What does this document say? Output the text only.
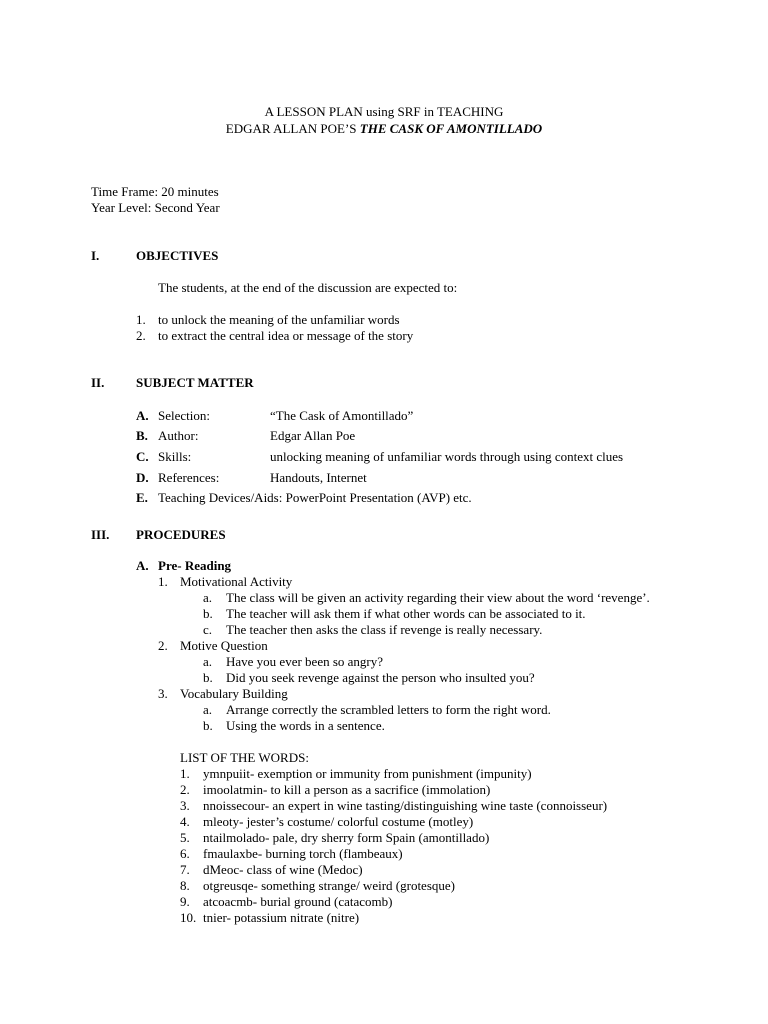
A LESSON PLAN using SRF in TEACHING
EDGAR ALLAN POE’S THE CASK OF AMONTILLADO
Time Frame: 20 minutes
Year Level: Second Year
I.	OBJECTIVES
The students, at the end of the discussion are expected to:
1. to unlock the meaning of the unfamiliar words
2. to extract the central idea or message of the story
II. SUBJECT MATTER
A. Selection:	“The Cask of Amontillado”
B. Author:	Edgar Allan Poe
C. Skills:	unlocking meaning of unfamiliar words through using context clues
D. References:	Handouts, Internet
E. Teaching Devices/Aids: PowerPoint Presentation (AVP) etc.
III. PROCEDURES
A. Pre- Reading
1. Motivational Activity
a. The class will be given an activity regarding their view about the word ‘revenge’.
b. The teacher will ask them if what other words can be associated to it.
c. The teacher then asks the class if revenge is really necessary.
2. Motive Question
a. Have you ever been so angry?
b. Did you seek revenge against the person who insulted you?
3. Vocabulary Building
a. Arrange correctly the scrambled letters to form the right word.
b. Using the words in a sentence.
LIST OF THE WORDS:
1. ymnpuiit- exemption or immunity from punishment (impunity)
2. imoolatmin- to kill a person as a sacrifice (immolation)
3. nnoissecour- an expert in wine tasting/distinguishing wine taste (connoisseur)
4. mleoty- jester’s costume/ colorful costume (motley)
5. ntailmolado- pale, dry sherry form Spain (amontillado)
6. fmaulaxbe- burning torch (flambeaux)
7. dMeoc- class of wine (Medoc)
8. otgreusqe- something strange/ weird (grotesque)
9. atcoacmb- burial ground (catacomb)
10. tnier- potassium nitrate (nitre)
